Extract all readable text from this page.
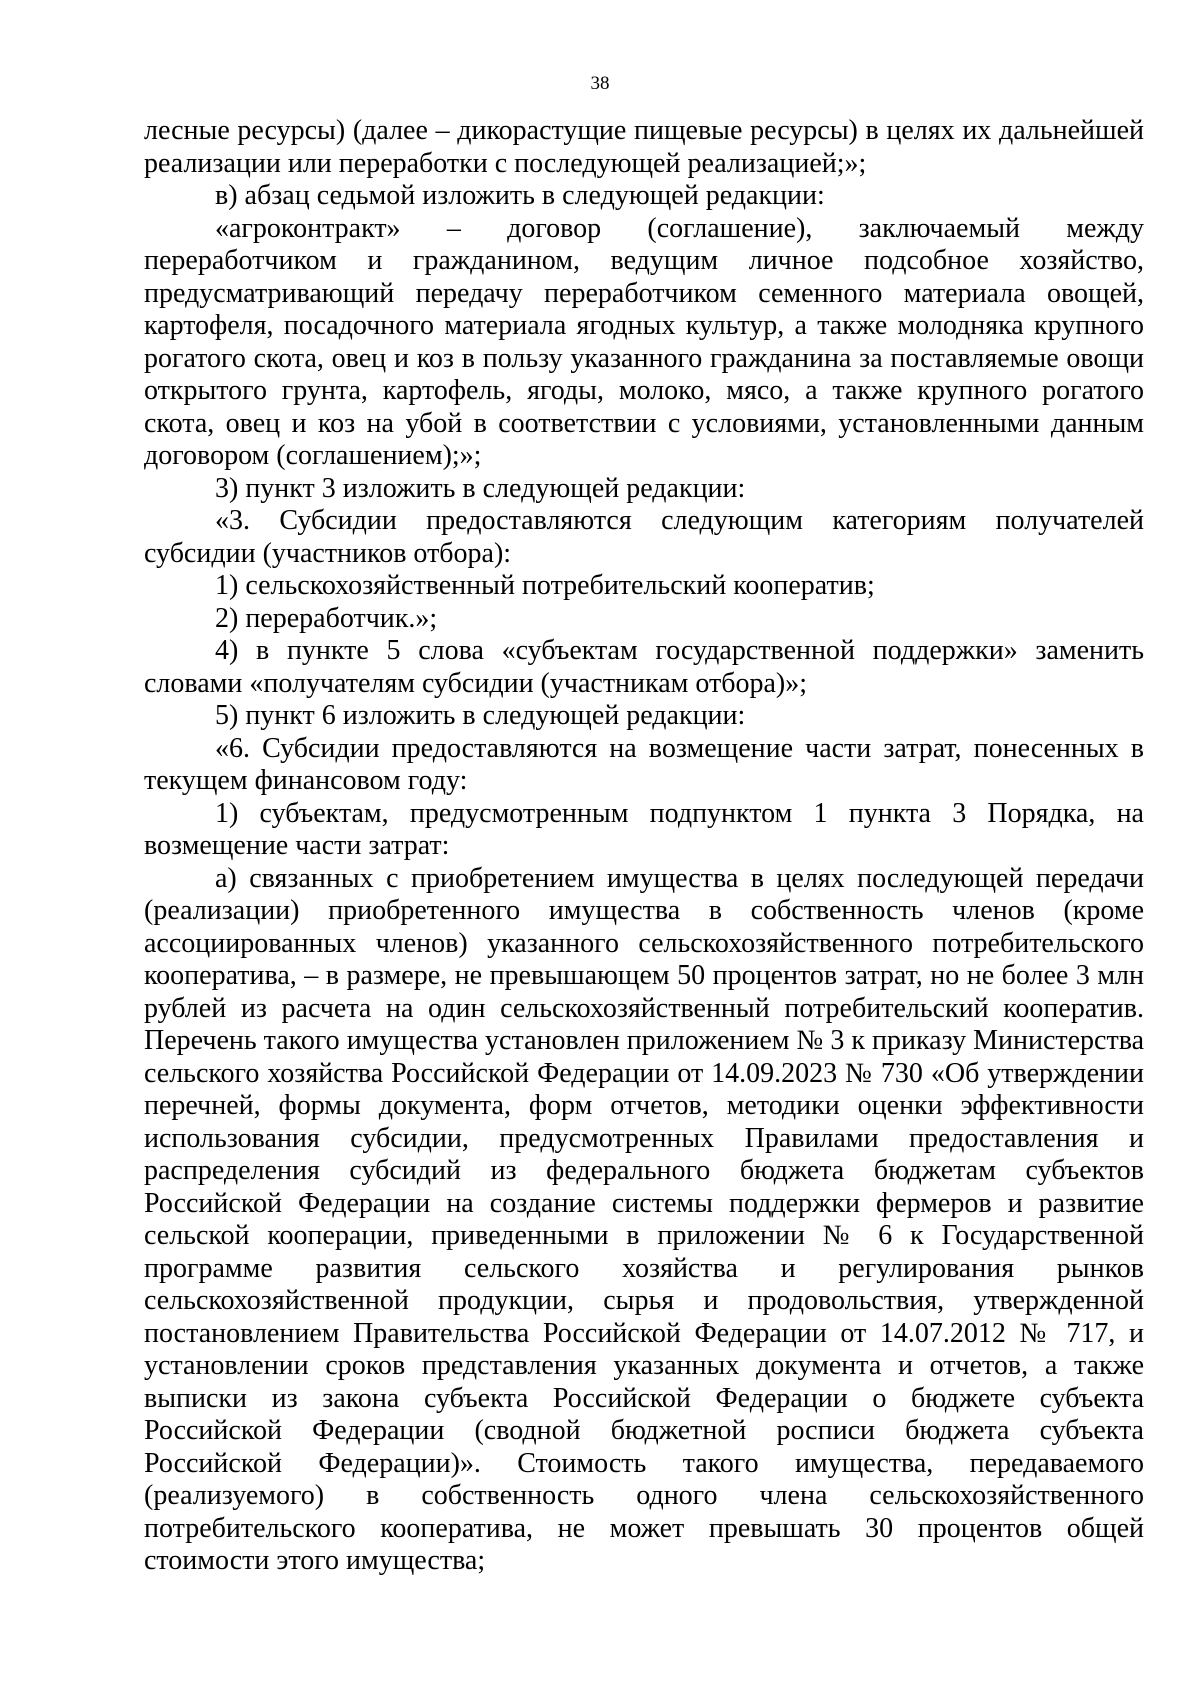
38

лесные ресурсы) (далее – дикорастущие пищевые ресурсы) в целях их дальнейшей реализации или переработки с последующей реализацией;»;

в) абзац седьмой изложить в следующей редакции:

«агроконтракт» – договор (соглашение), заключаемый между переработчиком и гражданином, ведущим личное подсобное хозяйство, предусматривающий передачу переработчиком семенного материала овощей, картофеля, посадочного материала ягодных культур, а также молодняка крупного рогатого скота, овец и коз в пользу указанного гражданина за поставляемые овощи открытого грунта, картофель, ягоды, молоко, мясо, а также крупного рогатого скота, овец и коз на убой в соответствии с условиями, установленными данным договором (соглашением);»;

3) пункт 3 изложить в следующей редакции:

«3. Субсидии предоставляются следующим категориям получателей субсидии (участников отбора):

1) сельскохозяйственный потребительский кооператив;

2) переработчик.»;

4) в пункте 5 слова «субъектам государственной поддержки» заменить словами «получателям субсидии (участникам отбора)»;

5) пункт 6 изложить в следующей редакции:

«6. Субсидии предоставляются на возмещение части затрат, понесенных в текущем финансовом году:

1) субъектам, предусмотренным подпунктом 1 пункта 3 Порядка, на возмещение части затрат:

а) связанных с приобретением имущества в целях последующей передачи (реализации) приобретенного имущества в собственность членов (кроме ассоциированных членов) указанного сельскохозяйственного потребительского кооператива, – в размере, не превышающем 50 процентов затрат, но не более 3 млн рублей из расчета на один сельскохозяйственный потребительский кооператив. Перечень такого имущества установлен приложением № 3 к приказу Министерства сельского хозяйства Российской Федерации от 14.09.2023 № 730 «Об утверждении перечней, формы документа, форм отчетов, методики оценки эффективности использования субсидии, предусмотренных Правилами предоставления и распределения субсидий из федерального бюджета бюджетам субъектов Российской Федерации на создание системы поддержки фермеров и развитие сельской кооперации, приведенными в приложении № 6 к Государственной программе развития сельского хозяйства и регулирования рынков сельскохозяйственной продукции, сырья и продовольствия, утвержденной постановлением Правительства Российской Федерации от 14.07.2012 № 717, и установлении сроков представления указанных документа и отчетов, а также выписки из закона субъекта Российской Федерации о бюджете субъекта Российской Федерации (сводной бюджетной росписи бюджета субъекта Российской Федерации)». Стоимость такого имущества, передаваемого (реализуемого) в собственность одного члена сельскохозяйственного потребительского кооператива, не может превышать 30 процентов общей стоимости этого имущества;
